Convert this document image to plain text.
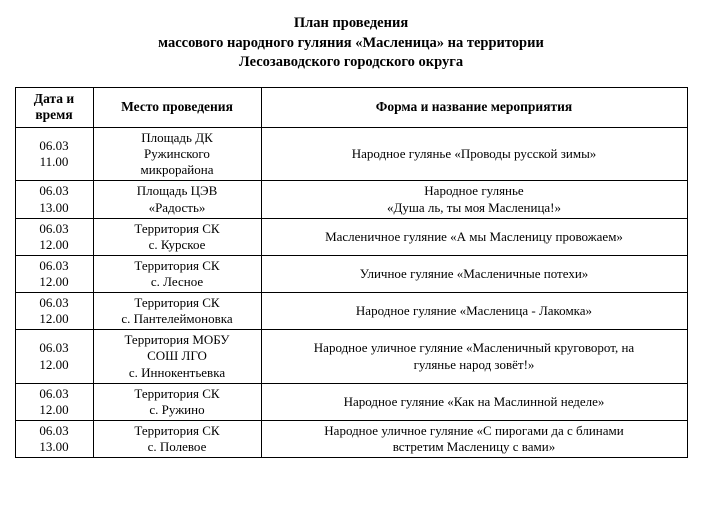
План проведения
массового народного гуляния «Масленица» на территории
Лесозаводского городского округа
Дата и
время	Место проведения	Форма и название мероприятия

06.03
11.00	Площадь ДК
Ружинского
микрорайона	Народное гулянье «Проводы русской зимы»

06.03
13.00	Площадь ЦЭВ
«Радость»	Народное гулянье
«Душа ль, ты моя Масленица!»

06.03
12.00	Территория СК
с. Курское	Масленичное гуляние «А мы Масленицу провожаем»

06.03
12.00	Территория СК
с. Лесное	Уличное гуляние «Масленичные потехи»

06.03
12.00	Территория СК
с. Пантелеймоновка	Народное гуляние «Масленица - Лакомка»

06.03
12.00	Территория МОБУ
СОШ ЛГО
с. Иннокентьевка	Народное уличное гуляние «Масленичный круговорот, на
гулянье народ зовёт!»

06.03
12.00	Территория СК
с. Ружино	Народное гуляние «Как на Маслинной неделе»

06.03
13.00	Территория СК
с. Полевое	Народное уличное гуляние «С пирогами да с блинами
встретим Масленицу с вами»
